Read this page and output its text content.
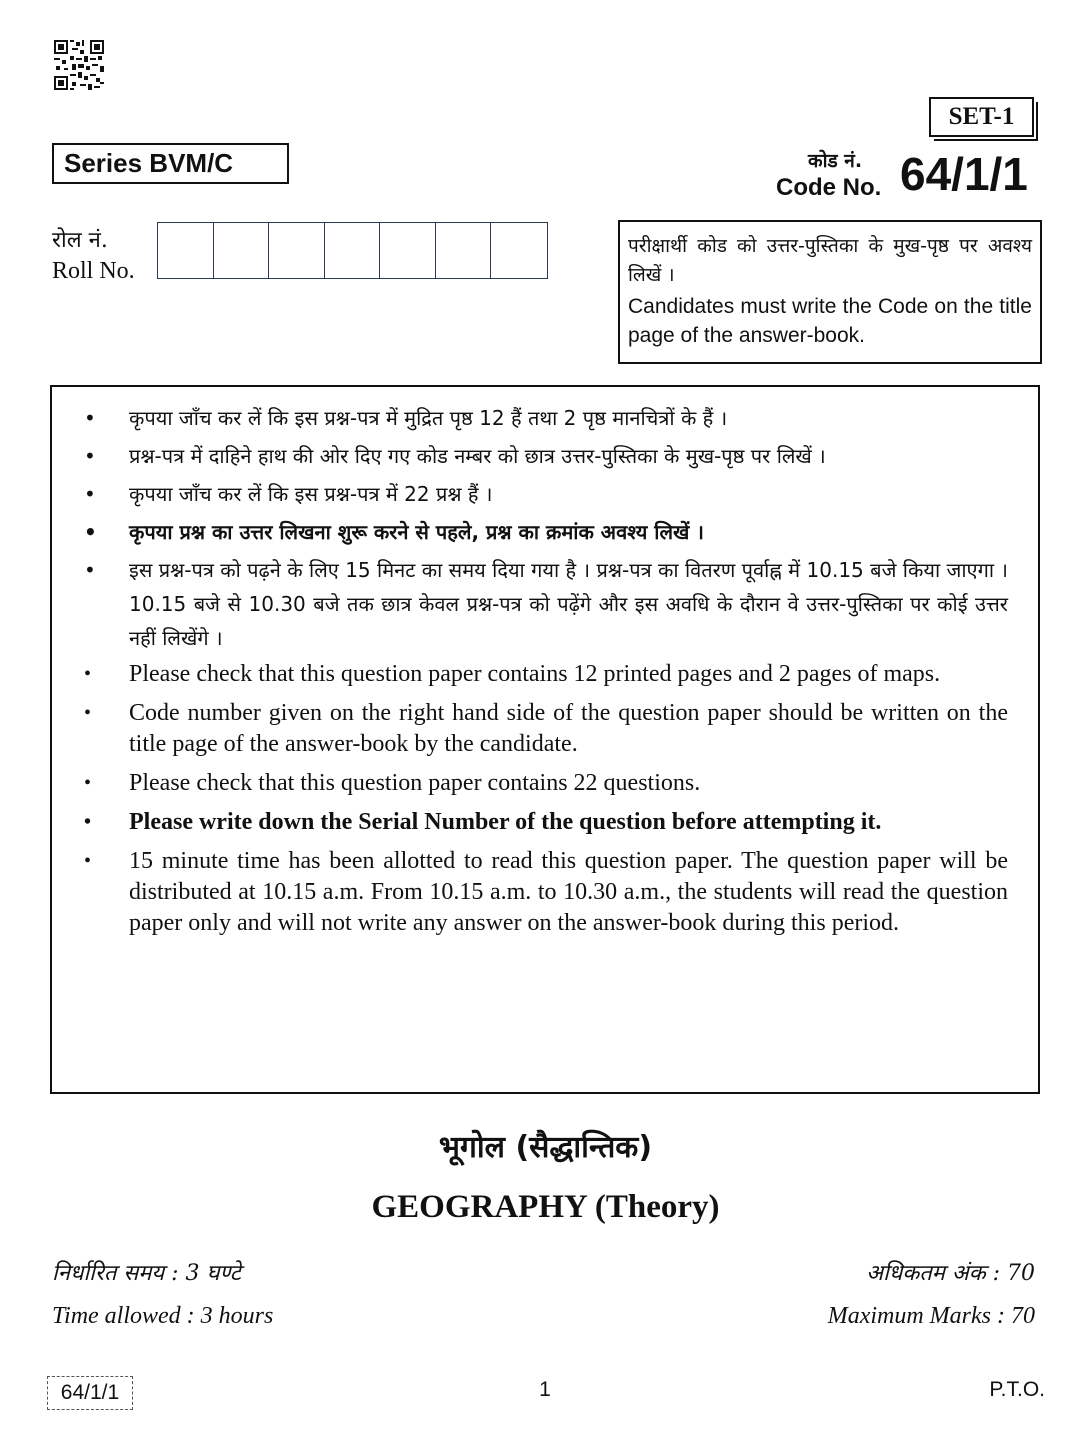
SET-1
Series BVM/C	कोड नं.
Code No. 64/1/1
रोल नं.
Roll No.
परीक्षार्थी कोड को उत्तर-पुस्तिका के मुख-पृष्ठ पर अवश्य लिखें ।
Candidates must write the Code on the title page of the answer-book.
• कृपया जाँच कर लें कि इस प्रश्न-पत्र में मुद्रित पृष्ठ 12 हैं तथा 2 पृष्ठ मानचित्रों के हैं ।
• प्रश्न-पत्र में दाहिने हाथ की ओर दिए गए कोड नम्बर को छात्र उत्तर-पुस्तिका के मुख-पृष्ठ पर लिखें ।
• कृपया जाँच कर लें कि इस प्रश्न-पत्र में 22 प्रश्न हैं ।
• कृपया प्रश्न का उत्तर लिखना शुरू करने से पहले, प्रश्न का क्रमांक अवश्य लिखें ।
• इस प्रश्न-पत्र को पढ़ने के लिए 15 मिनट का समय दिया गया है । प्रश्न-पत्र का वितरण पूर्वाह्न में 10.15 बजे किया जाएगा । 10.15 बजे से 10.30 बजे तक छात्र केवल प्रश्न-पत्र को पढ़ेंगे और इस अवधि के दौरान वे उत्तर-पुस्तिका पर कोई उत्तर नहीं लिखेंगे ।
• Please check that this question paper contains 12 printed pages and 2 pages of maps.
• Code number given on the right hand side of the question paper should be written on the title page of the answer-book by the candidate.
• Please check that this question paper contains 22 questions.
• Please write down the Serial Number of the question before attempting it.
• 15 minute time has been allotted to read this question paper. The question paper will be distributed at 10.15 a.m. From 10.15 a.m. to 10.30 a.m., the students will read the question paper only and will not write any answer on the answer-book during this period.
भूगोल (सैद्धान्तिक)
GEOGRAPHY (Theory)
निर्धारित समय : 3 घण्टे	अधिकतम अंक : 70
Time allowed : 3 hours	Maximum Marks : 70
64/1/1	1	P.T.O.
